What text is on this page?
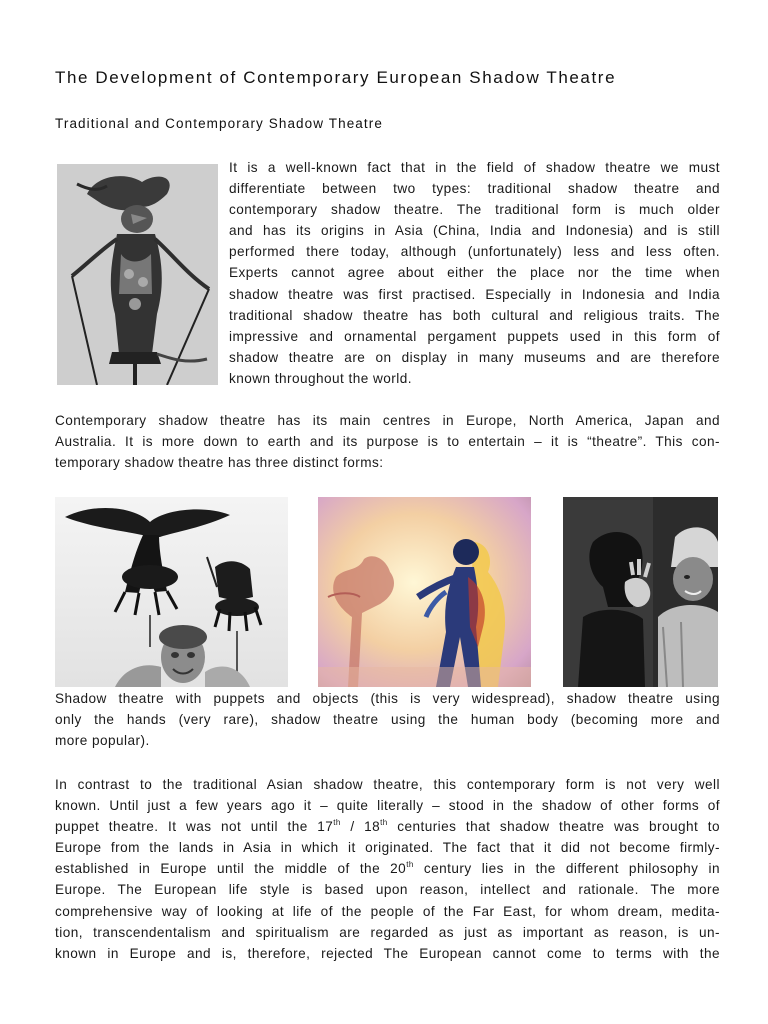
The Development of Contemporary European Shadow Theatre
Traditional and Contemporary Shadow Theatre

It is a well-known fact that in the field of shadow theatre we must
differentiate between two types: traditional shadow theatre and
contemporary shadow theatre. The traditional form is much older
and has its origins in Asia (China, India and Indonesia) and is still
performed there today, although (unfortunately) less and less often.
Experts cannot agree about either the place nor the time when
shadow theatre was first practised. Especially in Indonesia and India
traditional shadow theatre has both cultural and religious traits. The
impressive and ornamental pergament puppets used in this form of
shadow theatre are on display in many museums and are therefore
known throughout the world.

Contemporary shadow theatre has its main centres in Europe, North America, Japan and
Australia. It is more down to earth and its purpose is to entertain – it is “theatre”. This con-
temporary shadow theatre has three distinct forms:

Shadow theatre with puppets and objects (this is very widespread), shadow theatre using
only the hands (very rare), shadow theatre using the human body (becoming more and
more popular).

In contrast to the traditional Asian shadow theatre, this contemporary form is not very well
known. Until just a few years ago it – quite literally – stood in the shadow of other forms of
puppet theatre. It was not until the 17th / 18th centuries that shadow theatre was brought to
Europe from the lands in Asia in which it originated. The fact that it did not become firmly-
established in Europe until the middle of the 20th century lies in the different philosophy in
Europe. The European life style is based upon reason, intellect and rationale. The more
comprehensive way of looking at life of the people of the Far East, for whom dream, medita-
tion, transcendentalism and spiritualism are regarded as just as important as reason, is un-
known in Europe and is, therefore, rejected The European cannot come to terms with the
